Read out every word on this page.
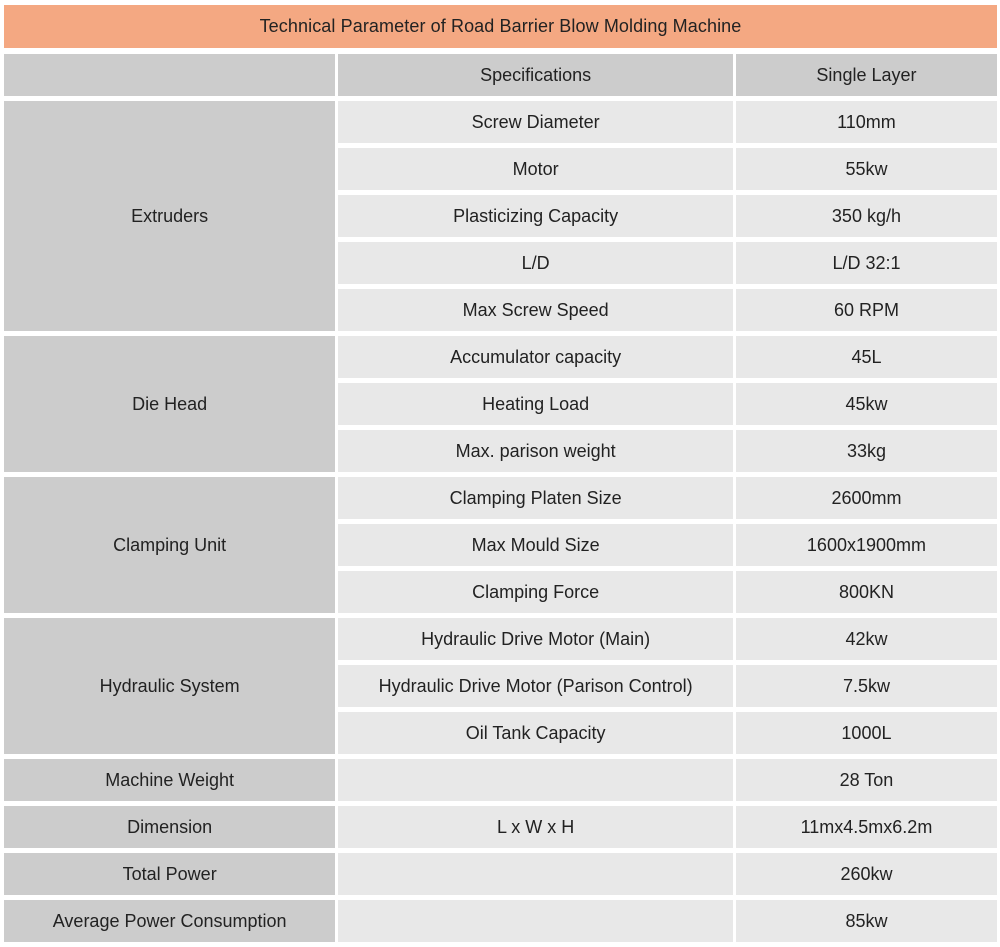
Technical Parameter of Road Barrier Blow Molding Machine
	Specifications	Single Layer
Extruders	Screw Diameter	110mm
	Motor	55kw
	Plasticizing Capacity	350 kg/h
	L/D	L/D 32:1
	Max Screw Speed	60 RPM
Die Head	Accumulator capacity	45L
	Heating Load	45kw
	Max. parison weight	33kg
Clamping Unit	Clamping Platen Size	2600mm
	Max Mould Size	1600x1900mm
	Clamping Force	800KN
Hydraulic System	Hydraulic Drive Motor (Main)	42kw
	Hydraulic Drive Motor (Parison Control)	7.5kw
	Oil Tank Capacity	1000L
Machine Weight		28 Ton
Dimension	L x W x H	11mx4.5mx6.2m
Total Power		260kw
Average Power Consumption		85kw
